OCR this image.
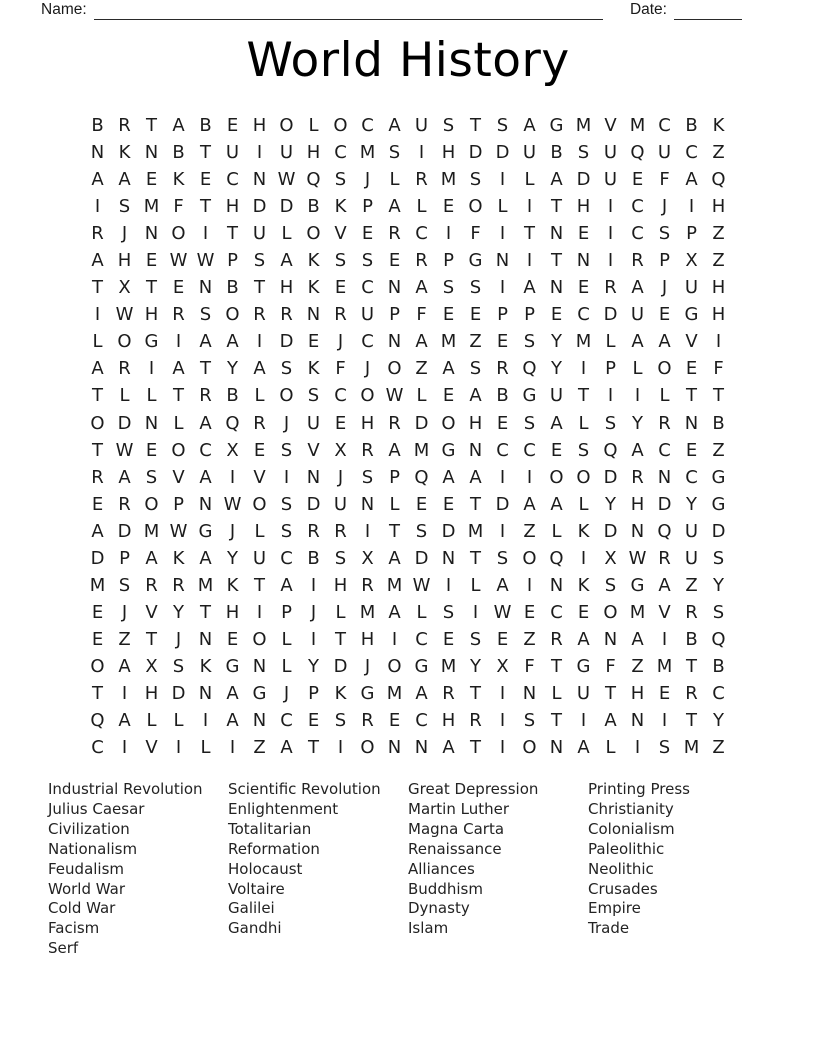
Name:	Date:
World History
B R T A B E H O L O C A U S T S A G M V M C B K
N K N B T U I U H C M S	I H D D U B S U Q U C Z
A A E K E C N W Q S	J	L R M S	I	L A D U E F A Q
I	S M F T H D D B K P A L E O L	I	T H I	C	J	I H
R	J N O I	T U L O V E R C	I	F	I	T N E	I	C S P Z
A H E W W P S A K S S E R P G N I	T N I	R P X Z
T X T E N B T H K E C N A S S	I	A N E R A	J U H
I W H R S O R R N R U P F E E P P E C D U E G H
L O G I	A A	I D E	J	C N A M Z E S Y M L A A V	I
A R	I	A T Y A S K F	J O Z A S R Q Y	I	P L O E F
T L L T R B L O S C O W L E A B G U T	I	I	L T T
O D N L A Q R	J U E H R D O H E S A L S Y R N B
T W E O C X E S V X R A M G N C C E S Q A C E Z
R A S V A	I	V	I N J	S P Q A A	I	I O O D R N C G
E R O P N W O S D U N L E E T D A A L Y H D Y G
A D M W G J	L S R R	I	T S D M I	Z L K D N Q U D
D P A K A Y U C B S X A D N T S O Q I	X W R U S
M S R R M K T A	I H R M W I	L A	I N K S G A Z Y
E	J	V Y T H I	P	J	L M A L S	I W E C E O M V R S
E Z T	J N E O L	I	T H I	C E S E Z R A N A	I	B Q
O A X S K G N L Y D J O G M Y X F T G F Z M T B
T	I H D N A G J	P K G M A R T	I N L U T H E R C
Q A L L	I	A N C E S R E C H R	I	S T	I	A N I	T Y
C	I	V	I	L	I	Z A T	I O N N A T	I O N A L	I	S M Z
Industrial Revolution
Julius Caesar
Civilization
Nationalism
Feudalism
World War
Cold War
Facism
Serf
Scientific Revolution
Enlightenment
Totalitarian
Reformation
Holocaust
Voltaire
Galilei
Gandhi
Great Depression
Martin Luther
Magna Carta
Renaissance
Alliances
Buddhism
Dynasty
Islam
Printing Press
Christianity
Colonialism
Paleolithic
Neolithic
Crusades
Empire
Trade
